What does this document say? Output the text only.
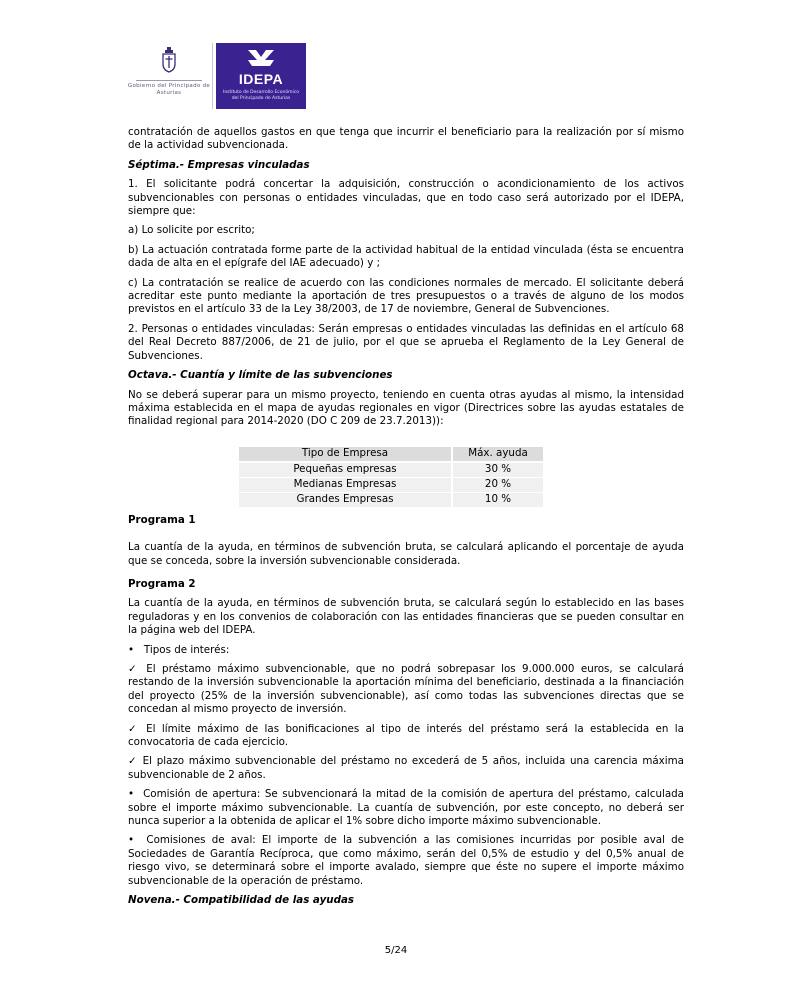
Gobierno del Principado de Asturias
IDEPA
Instituto de Desarrollo Económico del Principado de Asturias

contratación de aquellos gastos en que tenga que incurrir el beneficiario para la realización por sí mismo de la actividad subvencionada.

Séptima.- Empresas vinculadas

1. El solicitante podrá concertar la adquisición, construcción o acondicionamiento de los activos subvencionables con personas o entidades vinculadas, que en todo caso será autorizado por el IDEPA, siempre que:

a) Lo solicite por escrito;

b) La actuación contratada forme parte de la actividad habitual de la entidad vinculada (ésta se encuentra dada de alta en el epígrafe del IAE adecuado) y ;

c) La contratación se realice de acuerdo con las condiciones normales de mercado. El solicitante deberá acreditar este punto mediante la aportación de tres presupuestos o a través de alguno de los modos previstos en el artículo 33 de la Ley 38/2003, de 17 de noviembre, General de Subvenciones.

2. Personas o entidades vinculadas: Serán empresas o entidades vinculadas las definidas en el artículo 68 del Real Decreto 887/2006, de 21 de julio, por el que se aprueba el Reglamento de la Ley General de Subvenciones.

Octava.- Cuantía y límite de las subvenciones

No se deberá superar para un mismo proyecto, teniendo en cuenta otras ayudas al mismo, la intensidad máxima establecida en el mapa de ayudas regionales en vigor (Directrices sobre las ayudas estatales de finalidad regional para 2014-2020 (DO C 209 de 23.7.2013)):

Tipo de Empresa	Máx. ayuda
Pequeñas empresas	30 %
Medianas Empresas	20 %
Grandes Empresas	10 %

Programa 1

La cuantía de la ayuda, en términos de subvención bruta, se calculará aplicando el porcentaje de ayuda que se conceda, sobre la inversión subvencionable considerada.

Programa 2

La cuantía de la ayuda, en términos de subvención bruta, se calculará según lo establecido en las bases reguladoras y en los convenios de colaboración con las entidades financieras que se pueden consultar en la página web del IDEPA.

• Tipos de interés:

✓ El préstamo máximo subvencionable, que no podrá sobrepasar los 9.000.000 euros, se calculará restando de la inversión subvencionable la aportación mínima del beneficiario, destinada a la financiación del proyecto (25% de la inversión subvencionable), así como todas las subvenciones directas que se concedan al mismo proyecto de inversión.

✓ El límite máximo de las bonificaciones al tipo de interés del préstamo será la establecida en la convocatoria de cada ejercicio.

✓ El plazo máximo subvencionable del préstamo no excederá de 5 años, incluida una carencia máxima subvencionable de 2 años.

• Comisión de apertura: Se subvencionará la mitad de la comisión de apertura del préstamo, calculada sobre el importe máximo subvencionable. La cuantía de subvención, por este concepto, no deberá ser nunca superior a la obtenida de aplicar el 1% sobre dicho importe máximo subvencionable.

• Comisiones de aval: El importe de la subvención a las comisiones incurridas por posible aval de Sociedades de Garantía Recíproca, que como máximo, serán del 0,5% de estudio y del 0,5% anual de riesgo vivo, se determinará sobre el importe avalado, siempre que éste no supere el importe máximo subvencionable de la operación de préstamo.

Novena.- Compatibilidad de las ayudas

5/24
